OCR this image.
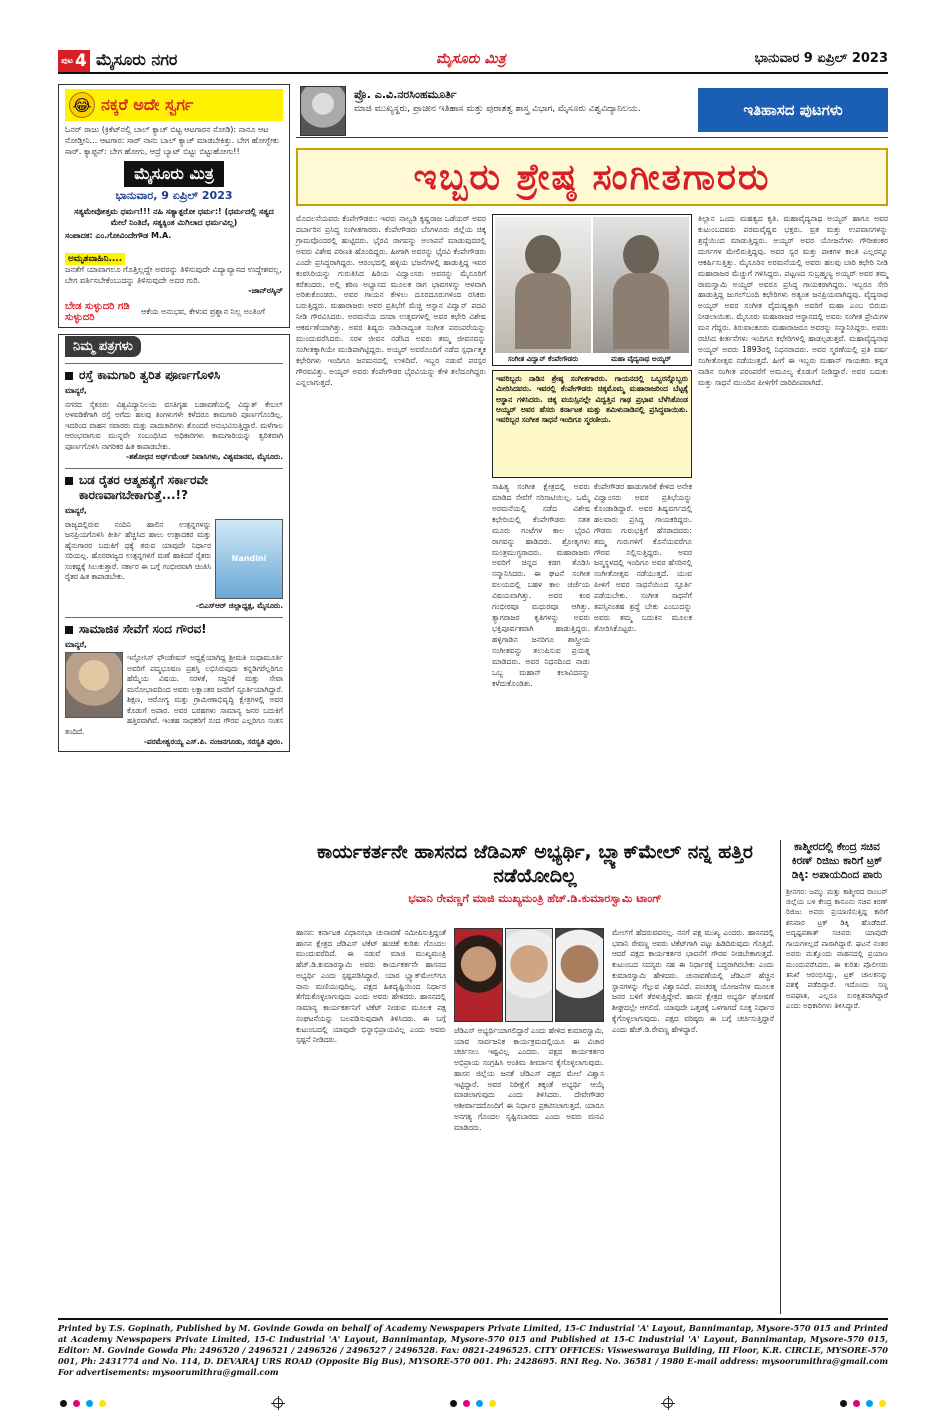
ಪುಟ 4 ಮೈಸೂರು ನಗರ	ಮೈಸೂರು ಮಿತ್ರ	ಭಾನುವಾರ 9 ಏಪ್ರಿಲ್ 2023
😂 ನಕ್ಕರೆ ಅದೇ ಸ್ವರ್ಗ
ಓನರ್ ರಾಜು (ಕ್ರಿಕೆಟ್‌ನಲ್ಲಿ ಬಾಲ್ ಕ್ಯಾಚ್ ಬಿಟ್ಟ ಆಟಗಾರನ ನೋಡಿ): ನಾನೂ ಆಟ ನೋಡ್ತೀನಿ... ಆಟಗಾರ: ಸಾರ್ ನಾನು ಬಾಲ್ ಕ್ಯಾಚ್ ಮಾಡಬೇಕಿತ್ತು. ಬೇಗ ಹೋಗ್ಬೇಕು ಸಾರ್. ಕ್ಯಾಪ್ಟನ್: ಬೇಗ ಹೋಗು, ಆದ್ರೆ ಬ್ಯಾಟ್ ಬಿಟ್ಟು ಬಿಟ್ಟುಹೋಗು!!
ಮೈಸೂರು ಮಿತ್ರ
ಭಾನುವಾರ, 9 ಏಪ್ರಿಲ್ 2023
ಸತ್ಯಮೇವೋತ್ತಮ ಧರ್ಮಃ!!! ನಹಿ ಸತ್ಯಾತ್ಪರೋ ಧರ್ಮ:! (ಧರ್ಮದಲ್ಲಿ ಸತ್ಯದ ಮೇಲೆ ನಿಂತಿದೆ, ಸತ್ಯಕ್ಕಿಂತ ಮಿಗಿಲಾದ ಧರ್ಮವಿಲ್ಲ)
ಸಂಪಾದಕ: ಎಂ.ಗೋವಿಂದೇಗೌಡ M.A.
ಅಮೃತವಾಹಿನಿ....
ಜನತೆಗೆ ಯಾವಾಗಲೂ ಗೊತ್ತಿಲ್ಲದ್ದೇ ಅವರನ್ನು ತಿಳಿಸುವುದೇ ವಿದ್ಯಾವ್ಯಾಸದ ಉದ್ದೇಶವಲ್ಲ, ಬೇಗ ವರ್ತಿಸಬೇಕೆಂಬುದನ್ನು ತಿಳಿಸುವುದೇ ಅದರ ಗುರಿ.
-ಜಾನ್‌ರಸ್ಕಿನ್
ಬೇಡ ಸುಳ್ಳುದರಿ ಗಡಿ ಸುಳ್ಳುದರಿ
ಆಕೆಯ ಅನುಭವ, ಕೇಳುವ ಪ್ರಶ್ನಾನ ನಿಲ್ಲ ಅಂತಿಂಗೆ
ನಿಮ್ಮ ಪತ್ರಗಳು
ರಸ್ತೆ ಕಾಮಗಾರಿ ತ್ವರಿತ ಪೂರ್ಣಗೊಳಿಸಿ
ಮಾನ್ಯರೆ,
ನಗರದ ಸೈಕೂರು ವಿಶ್ವವಿದ್ಯಾನಿಲಯ ವಸತಿಗೃಹ ಬಡಾವಣೆಯಲ್ಲಿ ವಿದ್ಯುತ್ ಕೇಬಲ್ ಅಳವಡಿಕೆಗಾಗಿ ರಸ್ತೆ ಅಗೆದು ಹಲವು ತಿಂಗಳುಗಳೇ ಕಳೆದರೂ ಕಾಮಗಾರಿ ಪೂರ್ಣಗೊಂಡಿಲ್ಲ. ಇದರಿಂದ ವಾಹನ ಸವಾರರು ಮತ್ತು ಪಾದಚಾರಿಗಳು ತೊಂದರೆ ಅನುಭವಿಸುತ್ತಿದ್ದಾರೆ. ಮಳೆಗಾಲ ಆರಂಭವಾಗುವ ಮುನ್ನವೇ ಸಂಬಂಧಿಸಿದ ಅಧಿಕಾರಿಗಳು ಕಾಮಗಾರಿಯನ್ನು ತ್ವರಿತವಾಗಿ ಪೂರ್ಣಗೊಳಿಸಿ ನಾಗರಿಕರ ಹಿತ ಕಾಪಾಡಬೇಕು.
-ಶಶೋಧನ ಅರ್ಥ್‌ಮೆಂಟ್ ನಿವಾಸಿಗಳು, ವಿಶ್ವಮಾನವ, ಮೈಸೂರು.
ಬಡ ರೈತರ ಆತ್ಮಹತ್ಯೆಗೆ ಸರ್ಕಾರವೇ ಕಾರಣವಾಗಬೇಕಾಗುತ್ತೆ...!?
ಮಾನ್ಯರೆ,
Nandini
ರಾಜ್ಯದಲ್ಲಿರುವ ನಂದಿನಿ ಹಾಲಿನ ಉತ್ಪನ್ನಗಳನ್ನು ಜನಪ್ರಿಯಗೊಳಿಸಿ ಕೀರ್ತಿ ಹೆಚ್ಚಿಸಿದ ಹಾಲು ಉತ್ಪಾದಕರ ಮತ್ತು ಹೈನುಗಾರರ ಬದುಕಿಗೆ ಧಕ್ಕೆ ತರುವ ಯಾವುದೇ ನಿರ್ಧಾರ ಸರಿಯಲ್ಲ. ಹೊರರಾಜ್ಯದ ಉತ್ಪನ್ನಗಳಿಗೆ ಮಣೆ ಹಾಕಿದರೆ ರೈತರು ಸಂಕಷ್ಟಕ್ಕೆ ಸಿಲುಕುತ್ತಾರೆ. ಸರ್ಕಾರ ಈ ಬಗ್ಗೆ ಗಂಭೀರವಾಗಿ ಚಿಂತಿಸಿ ರೈತರ ಹಿತ ಕಾಪಾಡಬೇಕು.
-ಬಿಎಸ್‌ಆರ್ ಜಿಲ್ಲಾಧ್ಯಕ್ಷ, ಮೈಸೂರು.
ಸಾಮಾಜಿಕ ಸೇವೆಗೆ ಸಂದ ಗೌರವ!
ಮಾನ್ಯರೆ,
ಇನ್ಫೋಸಿಸ್ ಫೌಂಡೇಷನ್ ಅಧ್ಯಕ್ಷೆಯಾಗಿದ್ದ ಶ್ರೀಮತಿ ಸುಧಾಮೂರ್ತಿ ಅವರಿಗೆ ಪದ್ಮಭೂಷಣ ಪ್ರಶಸ್ತಿ ಲಭಿಸಿರುವುದು ಕನ್ನಡಿಗರೆಲ್ಲರಿಗೂ ಹೆಮ್ಮೆಯ ವಿಷಯ. ಸರಳತೆ, ಸಜ್ಜನಿಕೆ ಮತ್ತು ಸೇವಾ ಮನೋಭಾವದಿಂದ ಅವರು ಲಕ್ಷಾಂತರ ಜನರಿಗೆ ಸ್ಫೂರ್ತಿಯಾಗಿದ್ದಾರೆ. ಶಿಕ್ಷಣ, ಆರೋಗ್ಯ ಮತ್ತು ಗ್ರಾಮೀಣಾಭಿವೃದ್ಧಿ ಕ್ಷೇತ್ರಗಳಲ್ಲಿ ಅವರ ಕೊಡುಗೆ ಅಪಾರ. ಅವರ ಬರಹಗಳು ಸಾಮಾನ್ಯ ಜನರ ಬದುಕಿಗೆ ಹತ್ತಿರವಾಗಿವೆ. ಇಂತಹ ಸಾಧಕರಿಗೆ ಸಂದ ಗೌರವ ಎಲ್ಲರಿಗೂ ಸಂತಸ ತಂದಿದೆ.
-ಪರಮೇಶ್ವರಯ್ಯ ಎಸ್.ಪಿ. ನಂಜನಗೂಡು, ಸರಸ್ವತಿ ಪುರಂ.
ಪ್ರೊ. ಎ.ವಿ.ನರಸಿಂಹಮೂರ್ತಿ
ಮಾಜಿ ಮುಖ್ಯಸ್ಥರು, ಪ್ರಾಚೀನ ಇತಿಹಾಸ ಮತ್ತು ಪುರಾತತ್ವ ಶಾಸ್ತ್ರ ವಿಭಾಗ, ಮೈಸೂರು ವಿಶ್ವವಿದ್ಯಾನಿಲಯ.	ಇತಿಹಾಸದ ಪುಟಗಳು
ಇಬ್ಬರು ಶ್ರೇಷ್ಠ ಸಂಗೀತಗಾರರು
ಮೊದಲನೆಯವರು ಕೆಂಪೇಗೌಡರು: ಇವರು ನಾಲ್ವಡಿ ಕೃಷ್ಣರಾಜ ಒಡೆಯರ್ ಅವರ ದರ್ಬಾರಿನ ಪ್ರಸಿದ್ಧ ಸಂಗೀತಗಾರರು. ಕೆಂಪೇಗೌಡರು ಬೆಂಗಳೂರು ಜಿಲ್ಲೆಯ ಚಿಕ್ಕ ಗ್ರಾಮವೊಂದರಲ್ಲಿ ಹುಟ್ಟಿದರು. ಭೈರವಿ ರಾಗವನ್ನು ಅಲಾಪನೆ ಮಾಡುವುದರಲ್ಲಿ ಅವರು ವಿಶೇಷ ಪರಿಣತಿ ಹೊಂದಿದ್ದರು. ಹೀಗಾಗಿ ಅವರನ್ನು ಭೈರವಿ ಕೆಂಪೇಗೌಡರು ಎಂದೇ ಪ್ರಸಿದ್ಧರಾಗಿದ್ದರು. ಆರಂಭದಲ್ಲಿ ಹಳ್ಳಿಯ ಭಜನೆಗಳಲ್ಲಿ ಹಾಡುತ್ತಿದ್ದ ಇವರ ಕಂಠಸಿರಿಯನ್ನು ಗುರುತಿಸಿದ ಹಿರಿಯ ವಿದ್ವಾಂಸರು ಅವರನ್ನು ಮೈಸೂರಿಗೆ ಕರೆತಂದರು. ಅಲ್ಲಿ ಕಠಿಣ ಅಭ್ಯಾಸದ ಮೂಲಕ ರಾಗ ಭಾವಗಳನ್ನು ಆಳವಾಗಿ ಅರಿತುಕೊಂಡರು. ಅವರ ಗಾಯನ ಕೇಳಲು ದೂರದೂರುಗಳಿಂದ ರಸಿಕರು ಬರುತ್ತಿದ್ದರು. ಮಹಾರಾಜರು ಅವರ ಪ್ರತಿಭೆಗೆ ಮೆಚ್ಚಿ ಆಸ್ಥಾನ ವಿದ್ವಾನ್ ಪದವಿ ನೀಡಿ ಗೌರವಿಸಿದರು. ಅರಮನೆಯ ದಸರಾ ಉತ್ಸವಗಳಲ್ಲಿ ಅವರ ಕಛೇರಿ ವಿಶೇಷ ಆಕರ್ಷಣೆಯಾಗಿತ್ತು. ಅವರ ಶಿಷ್ಯರು ನಾಡಿನಾದ್ಯಂತ ಸಂಗೀತ ಪರಂಪರೆಯನ್ನು ಮುಂದುವರೆಸಿದರು. ಸರಳ ಜೀವನ ನಡೆಸಿದ ಅವರು ತಮ್ಮ ಜೀವನವನ್ನು ಸಂಗೀತಕ್ಕಾಗಿಯೇ ಮುಡಿಪಾಗಿಟ್ಟಿದ್ದರು. ಅಯ್ಯರ್ ಅವರೊಂದಿಗೆ ನಡೆದ ಸ್ಪರ್ಧಾತ್ಮಕ ಕಛೇರಿಗಳು ಇಂದಿಗೂ ಜನಮನದಲ್ಲಿ ಉಳಿದಿವೆ. ಇಬ್ಬರ ನಡುವೆ ಪರಸ್ಪರ ಗೌರವವಿತ್ತು. ಅಯ್ಯರ್ ಅವರು ಕೆಂಪೇಗೌಡರ ಭೈರವಿಯನ್ನು ಕೇಳಿ ತಲೆದೂಗಿದ್ದರು ಎನ್ನಲಾಗುತ್ತದೆ.
ಸಂಗೀತ ವಿದ್ವಾನ್ ಕೆಂಪೇಗೌಡರು	ಮಹಾ ವೈದ್ಯನಾಥ ಅಯ್ಯರ್
ಇವರಿಬ್ಬರು ನಾಡಿನ ಶ್ರೇಷ್ಠ ಸಂಗೀತಗಾರರು. ಗಾಯನದಲ್ಲಿ ಒಬ್ಬರನ್ನೊಬ್ಬರು ಮೀರಿಸಿದವರು. ಇವರಲ್ಲಿ ಕೆಂಪೇಗೌಡರು ಚಿಕ್ಕಮೊಮ್ಮ ಮಹಾರಾಜರಿಂದ ಬೆಟ್ಟಕ್ಕೆ ಆಸ್ಥಾನ ಗಳಿಸಿದರು. ಚಿಕ್ಕ ವಯಸ್ಸಿನಲ್ಲೇ ವಿದ್ವತ್ತಿನ ಗಾಢ ಪ್ರಭಾವ ಬೆಳೆಸಿಕೊಂಡ ಅಯ್ಯರ್ ಅವರ ಹೆಸರು ಕರ್ನಾಟಕ ಮತ್ತು ತಮಿಳುನಾಡಿನಲ್ಲಿ ಪ್ರಸಿದ್ಧವಾಯಿತು. ಇವರಿಬ್ಬರ ಸಂಗೀತ ಸಾಧನೆ ಇಂದಿಗೂ ಸ್ಮರಣೀಯ.
ಸಾಹಿತ್ಯ ಸಂಗೀತ ಕ್ಷೇತ್ರದಲ್ಲಿ ಅವರು ಮಾಡಿದ ಸೇವೆಗೆ ಸರಿಸಾಟಿಯಿಲ್ಲ. ಒಮ್ಮೆ ಅರಮನೆಯಲ್ಲಿ ನಡೆದ ವಿಶೇಷ ಕಛೇರಿಯಲ್ಲಿ ಕೆಂಪೇಗೌಡರು ಸತತ ಮೂರು ಗಂಟೆಗಳ ಕಾಲ ಭೈರವಿ ರಾಗವನ್ನು ಹಾಡಿದರು. ಶ್ರೋತೃಗಳು ಮಂತ್ರಮುಗ್ಧರಾದರು. ಮಹಾರಾಜರು ಅವರಿಗೆ ಚಿನ್ನದ ಕಡಗ ತೊಡಿಸಿ ಸನ್ಮಾನಿಸಿದರು. ಈ ಘಟನೆ ಸಂಗೀತ ವಲಯದಲ್ಲಿ ಬಹಳ ಕಾಲ ಚರ್ಚೆಯ ವಿಷಯವಾಗಿತ್ತು. ಅವರ ಕಂಠ ಗಂಭೀರವೂ ಮಧುರವೂ ಆಗಿತ್ತು. ತ್ಯಾಗರಾಜರ ಕೃತಿಗಳನ್ನು ಅವರು ಭಕ್ತಿಪೂರ್ವಕವಾಗಿ ಹಾಡುತ್ತಿದ್ದರು. ಹಳ್ಳಿಗಾಡಿನ ಜನರಿಗೂ ಶಾಸ್ತ್ರೀಯ ಸಂಗೀತವನ್ನು ತಲುಪಿಸುವ ಪ್ರಯತ್ನ ಮಾಡಿದರು. ಅವರ ನಿಧನದಿಂದ ನಾಡು ಒಬ್ಬ ಮಹಾನ್ ಕಲಾವಿದನನ್ನು ಕಳೆದುಕೊಂಡಿತು.
ಕೆಂಪೇಗೌಡರ ಹಾಡುಗಾರಿಕೆ ಕೇಳಿದ ಅನೇಕ ವಿದ್ವಾಂಸರು ಅವರ ಪ್ರತಿಭೆಯನ್ನು ಕೊಂಡಾಡಿದ್ದಾರೆ. ಅವರ ಶಿಷ್ಯವರ್ಗದಲ್ಲಿ ಹಲವಾರು ಪ್ರಸಿದ್ಧ ಗಾಯಕರಿದ್ದರು. ಗೌಡರು ಗುರುಭಕ್ತಿಗೆ ಹೆಸರಾದವರು: ತಮ್ಮ ಗುರುಗಳಿಗೆ ಕೊನೆಯವರೆಗೂ ಗೌರವ ಸಲ್ಲಿಸುತ್ತಿದ್ದರು. ಅವರ ಜನ್ಮಸ್ಥಳದಲ್ಲಿ ಇಂದಿಗೂ ಅವರ ಹೆಸರಿನಲ್ಲಿ ಸಂಗೀತೋತ್ಸವ ನಡೆಯುತ್ತದೆ. ಯುವ ಪೀಳಿಗೆ ಅವರ ಸಾಧನೆಯಿಂದ ಸ್ಫೂರ್ತಿ ಪಡೆಯಬೇಕು. ಸಂಗೀತ ಸಾಧನೆಗೆ ತಪಸ್ಸಿನಂತಹ ಶ್ರದ್ಧೆ ಬೇಕು ಎಂಬುದನ್ನು ಅವರು ತಮ್ಮ ಬದುಕಿನ ಮೂಲಕ ತೋರಿಸಿಕೊಟ್ಟರು.
ತಿಲ್ಲಾನ ಒಂದು ಮಹತ್ವದ ಕೃತಿ. ಮಹಾವೈದ್ಯನಾಥ ಅಯ್ಯರ್ ಹಾಗೂ ಅವರ ಕುಟುಂಬದವರು ಪರಮವೈಷ್ಣವ ಭಕ್ತರು. ವ್ರತ ಮತ್ತು ಉಪವಾಸಗಳನ್ನು ಶ್ರದ್ಧೆಯಿಂದ ಮಾಡುತ್ತಿದ್ದರು. ಅಯ್ಯರ್ ಅವರ ಯೋಜನೆಗಳು ಗೌರೀಶಂಕರ ದುರ್ಗಗಳ ಮೇಲಿರುತ್ತಿದ್ದವು. ಅವರ ಸ್ವರ ಮತ್ತು ಪಾಕಗಳ ಕಾಂತಿ ಎಲ್ಲರನ್ನೂ ಆಕರ್ಷಿಸುತ್ತಿತ್ತು. ಮೈಸೂರಿನ ಅರಮನೆಯಲ್ಲಿ ಅವರು ಹಲವು ಬಾರಿ ಕಛೇರಿ ನೀಡಿ ಮಹಾರಾಜರ ಮೆಚ್ಚುಗೆ ಗಳಿಸಿದ್ದರು. ಪಟ್ಟಣದ ಸುಬ್ರಹ್ಮಣ್ಯ ಅಯ್ಯರ್ ಅವರ ತಮ್ಮ ರಾಮಸ್ವಾಮಿ ಅಯ್ಯರ್ ಅವರೂ ಪ್ರಸಿದ್ಧ ಗಾಯಕರಾಗಿದ್ದರು. ಇಬ್ಬರೂ ಸೇರಿ ಹಾಡುತ್ತಿದ್ದ ಜುಗಲ್‌ಬಂದಿ ಕಛೇರಿಗಳು ಅತ್ಯಂತ ಜನಪ್ರಿಯವಾಗಿದ್ದವು. ವೈದ್ಯನಾಥ ಅಯ್ಯರ್ ಅವರ ಸಂಗೀತ ವೈದುಷ್ಯಕ್ಕಾಗಿ ಅವರಿಗೆ ಮಹಾ ಎಂಬ ಬಿರುದು ನೀಡಲಾಯಿತು. ಮೈಸೂರು ಮಹಾರಾಜರ ಆಸ್ಥಾನದಲ್ಲಿ ಅವರು ಸಂಗೀತ ಪ್ರೇಮಿಗಳ ಮನ ಗೆದ್ದರು. ತಿರುವಾಂಕೂರು ಮಹಾರಾಜರೂ ಅವರನ್ನು ಸನ್ಮಾನಿಸಿದ್ದರು. ಅವರು ರಚಿಸಿದ ಕೀರ್ತನೆಗಳು ಇಂದಿಗೂ ಕಛೇರಿಗಳಲ್ಲಿ ಹಾಡಲ್ಪಡುತ್ತವೆ. ಮಹಾವೈದ್ಯನಾಥ ಅಯ್ಯರ್ ಅವರು 1893ರಲ್ಲಿ ನಿಧನರಾದರು. ಅವರ ಸ್ಮರಣೆಯಲ್ಲಿ ಪ್ರತಿ ವರ್ಷ ಸಂಗೀತೋತ್ಸವ ನಡೆಯುತ್ತದೆ. ಹೀಗೆ ಈ ಇಬ್ಬರು ಮಹಾನ್ ಗಾಯಕರು ಕನ್ನಡ ನಾಡಿನ ಸಂಗೀತ ಪರಂಪರೆಗೆ ಅಮೂಲ್ಯ ಕೊಡುಗೆ ನೀಡಿದ್ದಾರೆ. ಅವರ ಬದುಕು ಮತ್ತು ಸಾಧನೆ ಮುಂದಿನ ಪೀಳಿಗೆಗೆ ದಾರಿದೀಪವಾಗಿದೆ.
ಕಾರ್ಯಕರ್ತನೇ ಹಾಸನದ ಜೆಡಿಎಸ್ ಅಭ್ಯರ್ಥಿ, ಬ್ಲ್ಯಾಕ್‌ಮೇಲ್ ನನ್ನ ಹತ್ತಿರ ನಡೆಯೋದಿಲ್ಲ
ಭವಾನಿ ರೇವಣ್ಣಗೆ ಮಾಜಿ ಮುಖ್ಯಮಂತ್ರಿ ಹೆಚ್.ಡಿ.ಕುಮಾರಸ್ವಾಮಿ ಟಾಂಗ್
ಹಾಸನ: ಕರ್ನಾಟಕ ವಿಧಾನಸಭಾ ಚುನಾವಣೆ ಸಮೀಪಿಸುತ್ತಿದ್ದಂತೆ ಹಾಸನ ಕ್ಷೇತ್ರದ ಜೆಡಿಎಸ್ ಟಿಕೆಟ್ ಹಂಚಿಕೆ ಕುರಿತು ಗೊಂದಲ ಮುಂದುವರೆದಿದೆ. ಈ ನಡುವೆ ಮಾಜಿ ಮುಖ್ಯಮಂತ್ರಿ ಹೆಚ್.ಡಿ.ಕುಮಾರಸ್ವಾಮಿ ಅವರು ಕಾರ್ಯಕರ್ತನೇ ಹಾಸನದ ಅಭ್ಯರ್ಥಿ ಎಂದು ಸ್ಪಷ್ಟಪಡಿಸಿದ್ದಾರೆ. ಯಾರ ಬ್ಲ್ಯಾಕ್‌ಮೇಲ್‌ಗೂ ನಾನು ಮಣಿಯುವುದಿಲ್ಲ. ಪಕ್ಷದ ಹಿತದೃಷ್ಟಿಯಿಂದ ನಿರ್ಧಾರ ತೆಗೆದುಕೊಳ್ಳಲಾಗುವುದು ಎಂದು ಅವರು ಹೇಳಿದರು. ಹಾಸನದಲ್ಲಿ ಸಾಮಾನ್ಯ ಕಾರ್ಯಕರ್ತನಿಗೆ ಟಿಕೆಟ್ ನೀಡುವ ಮೂಲಕ ಪಕ್ಷ ಸಂಘಟನೆಯನ್ನು ಬಲಪಡಿಸುವುದಾಗಿ ತಿಳಿಸಿದರು. ಈ ಬಗ್ಗೆ ಕುಟುಂಬದಲ್ಲಿ ಯಾವುದೇ ಭಿನ್ನಾಭಿಪ್ರಾಯವಿಲ್ಲ ಎಂದು ಅವರು ಸ್ಪಷ್ಟನೆ ನೀಡಿದರು.
ಜೆಡಿಎಸ್ ಅಭ್ಯರ್ಥಿಯಾಗಲಿದ್ದಾರೆ ಎಂದು ಹೇಳಿದ ಕುಮಾರಸ್ವಾಮಿ, ಯಾವ ಸಾರ್ವಜನಿಕ ಕಾರ್ಯಕ್ರಮದಲ್ಲಿಯೂ ಈ ವಿಚಾರ ಚರ್ಚಿಸಲು ಇಷ್ಟವಿಲ್ಲ ಎಂದರು. ಪಕ್ಷದ ಕಾರ್ಯಕರ್ತರ ಅಭಿಪ್ರಾಯ ಸಂಗ್ರಹಿಸಿ ಅಂತಿಮ ತೀರ್ಮಾನ ಕೈಗೊಳ್ಳಲಾಗುವುದು. ಹಾಸನ ಜಿಲ್ಲೆಯ ಜನತೆ ಜೆಡಿಎಸ್ ಪಕ್ಷದ ಮೇಲೆ ವಿಶ್ವಾಸ ಇಟ್ಟಿದ್ದಾರೆ. ಅವರ ನಿರೀಕ್ಷೆಗೆ ತಕ್ಕಂತೆ ಅಭ್ಯರ್ಥಿ ಆಯ್ಕೆ ಮಾಡಲಾಗುವುದು ಎಂದು ತಿಳಿಸಿದರು. ದೇವೇಗೌಡರ ಆಶೀರ್ವಾದದೊಂದಿಗೆ ಈ ನಿರ್ಧಾರ ಪ್ರಕಟಿಸಲಾಗುತ್ತದೆ. ಯಾರೂ ಅನಗತ್ಯ ಗೊಂದಲ ಸೃಷ್ಟಿಸಬಾರದು ಎಂದು ಅವರು ಮನವಿ ಮಾಡಿದರು.
ಮೇಲ್‌ಗೆ ಹೆದರುವವನಲ್ಲ. ನನಗೆ ಪಕ್ಷ ಮುಖ್ಯ ಎಂದರು. ಹಾಸನದಲ್ಲಿ ಭವಾನಿ ರೇವಣ್ಣ ಅವರು ಟಿಕೆಟ್‌ಗಾಗಿ ಪಟ್ಟು ಹಿಡಿದಿರುವುದು ಗೊತ್ತಿದೆ. ಆದರೆ ಪಕ್ಷದ ಕಾರ್ಯಕರ್ತರ ಭಾವನೆಗೆ ಗೌರವ ನೀಡಬೇಕಾಗುತ್ತದೆ. ಕುಟುಂಬದ ಸದಸ್ಯರು ಸಹ ಈ ನಿರ್ಧಾರಕ್ಕೆ ಬದ್ಧರಾಗಿರಬೇಕು ಎಂದು ಕುಮಾರಸ್ವಾಮಿ ಹೇಳಿದರು. ಚುನಾವಣೆಯಲ್ಲಿ ಜೆಡಿಎಸ್ ಹೆಚ್ಚಿನ ಸ್ಥಾನಗಳನ್ನು ಗೆಲ್ಲುವ ವಿಶ್ವಾಸವಿದೆ. ಪಂಚರತ್ನ ಯೋಜನೆಗಳ ಮೂಲಕ ಜನರ ಬಳಿಗೆ ತೆರಳುತ್ತಿದ್ದೇವೆ. ಹಾಸನ ಕ್ಷೇತ್ರದ ಅಭ್ಯರ್ಥಿ ಘೋಷಣೆ ಶೀಘ್ರದಲ್ಲೇ ಆಗಲಿದೆ. ಯಾವುದೇ ಒತ್ತಡಕ್ಕೆ ಒಳಗಾಗದೆ ಸೂಕ್ತ ನಿರ್ಧಾರ ಕೈಗೊಳ್ಳಲಾಗುವುದು. ಪಕ್ಷದ ವರಿಷ್ಠರು ಈ ಬಗ್ಗೆ ಚರ್ಚಿಸುತ್ತಿದ್ದಾರೆ ಎಂದು ಹೆಚ್.ಡಿ.ರೇವಣ್ಣ ಹೇಳಿದ್ದಾರೆ.
ಕಾಶ್ಮೀರದಲ್ಲಿ ಕೇಂದ್ರ ಸಚಿವ ಕಿರಣ್ ರಿಜಿಜು ಕಾರಿಗೆ ಟ್ರಕ್ ಡಿಕ್ಕಿ: ಅಪಾಯದಿಂದ ಪಾರು
ಶ್ರೀನಗರ: ಜಮ್ಮು ಮತ್ತು ಕಾಶ್ಮೀರದ ರಾಂಬನ್ ಜಿಲ್ಲೆಯ ಬಳಿ ಕೇಂದ್ರ ಕಾನೂನು ಸಚಿವ ಕಿರಣ್ ರಿಜಿಜು ಅವರು ಪ್ರಯಾಣಿಸುತ್ತಿದ್ದ ಕಾರಿಗೆ ಶನಿವಾರ ಟ್ರಕ್ ಡಿಕ್ಕಿ ಹೊಡೆದಿದೆ. ಅದೃಷ್ಟವಶಾತ್ ಸಚಿವರು ಯಾವುದೇ ಗಾಯಗಳಿಲ್ಲದೆ ಪಾರಾಗಿದ್ದಾರೆ. ಘಟನೆ ನಂತರ ಅವರು ಮತ್ತೊಂದು ವಾಹನದಲ್ಲಿ ಪ್ರಯಾಣ ಮುಂದುವರೆಸಿದರು. ಈ ಕುರಿತು ಪೊಲೀಸರು ತನಿಖೆ ಆರಂಭಿಸಿದ್ದು, ಟ್ರಕ್ ಚಾಲಕನನ್ನು ವಶಕ್ಕೆ ಪಡೆದಿದ್ದಾರೆ. ಇದೊಂದು ಸಣ್ಣ ಅಪಘಾತ, ಎಲ್ಲರೂ ಸುರಕ್ಷಿತವಾಗಿದ್ದಾರೆ ಎಂದು ಅಧಿಕಾರಿಗಳು ತಿಳಿಸಿದ್ದಾರೆ.
Printed by T.S. Gopinath, Published by M. Govinde Gowda on behalf of Academy Newspapers Private Limited, 15-C Industrial 'A' Layout, Bannimantap, Mysore-570 015 and Printed at Academy Newspapers Private Limited, 15-C Industrial 'A' Layout, Bannimantap, Mysore-570 015 and Published at 15-C Industrial 'A' Layout, Bannimantap, Mysore-570 015, Editor: M. Govinde Gowda Ph: 2496520 / 2496521 / 2496526 / 2496527 / 2496528. Fax: 0821-2496525. CITY OFFICES: Visweswaraya Building, III Floor, K.R. CIRCLE, MYSORE-570 001, Ph: 2431774 and No. 114, D. DEVARAJ URS ROAD (Opposite Big Bus), MYSORE-570 001. Ph: 2428695. RNI Reg. No. 36581 / 1980 E-mail address: mysoorumithra@gmail.com For advertisements: mysoorumithra@gmail.com
